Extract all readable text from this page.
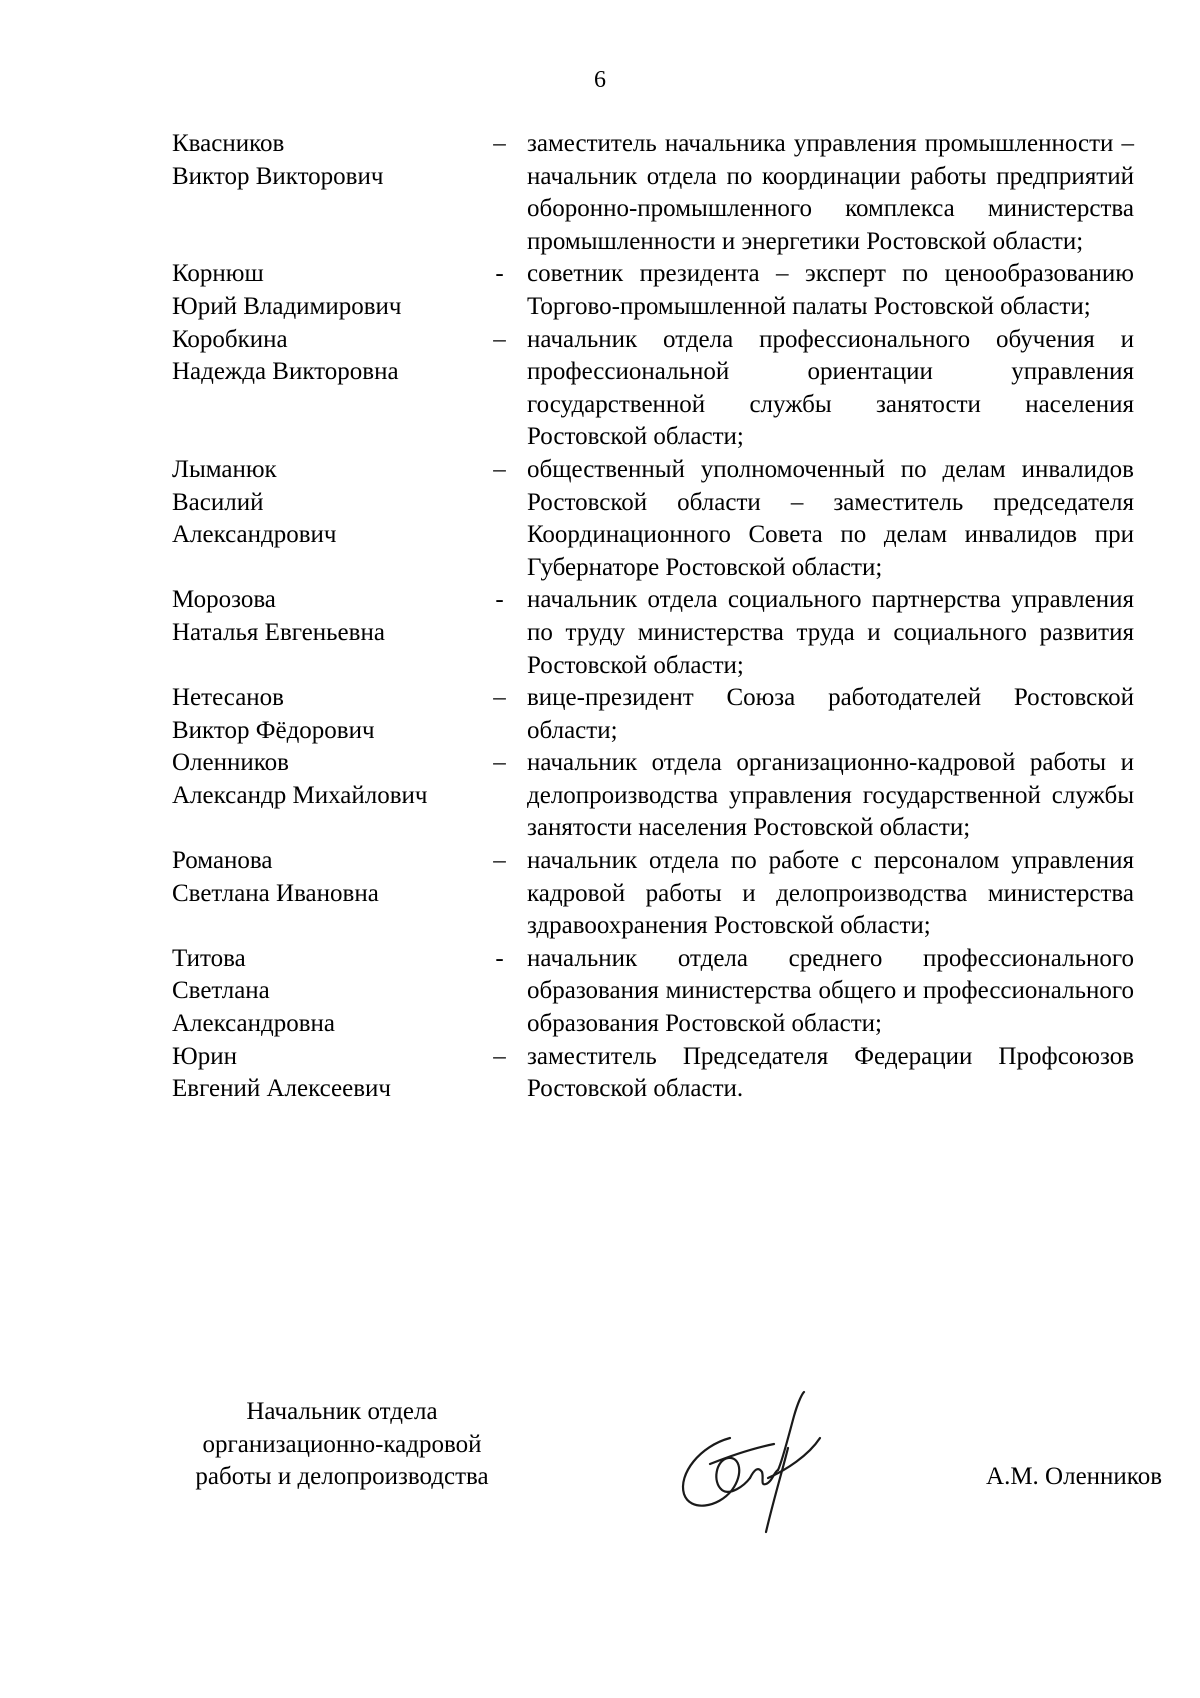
6
Квасников
Виктор Викторович
– заместитель начальника управления промышленности – начальник отдела по координации работы предприятий оборонно-промышленного комплекса министерства промышленности и энергетики Ростовской области;
Корнюш
Юрий Владимирович
- советник президента – эксперт по ценообразованию Торгово-промышленной палаты Ростовской области;
Коробкина
Надежда Викторовна
– начальник отдела профессионального обучения и профессиональной ориентации управления государственной службы занятости населения Ростовской области;
Лыманюк
Василий
Александрович
– общественный уполномоченный по делам инвалидов Ростовской области – заместитель председателя Координационного Совета по делам инвалидов при Губернаторе Ростовской области;
Морозова
Наталья Евгеньевна
- начальник отдела социального партнерства управления по труду министерства труда и социального развития Ростовской области;
Нетесанов
Виктор Фёдорович
– вице-президент Союза работодателей Ростовской области;
Оленников
Александр Михайлович
– начальник отдела организационно-кадровой работы и делопроизводства управления государственной службы занятости населения Ростовской области;
Романова
Светлана Ивановна
– начальник отдела по работе с персоналом управления кадровой работы и делопроизводства министерства здравоохранения Ростовской области;
Титова
Светлана
Александровна
- начальник отдела среднего профессионального образования министерства общего и профессионального образования Ростовской области;
Юрин
Евгений Алексеевич
– заместитель Председателя Федерации Профсоюзов Ростовской области.
Начальник отдела
организационно-кадровой
работы и делопроизводства	А.М. Оленников
